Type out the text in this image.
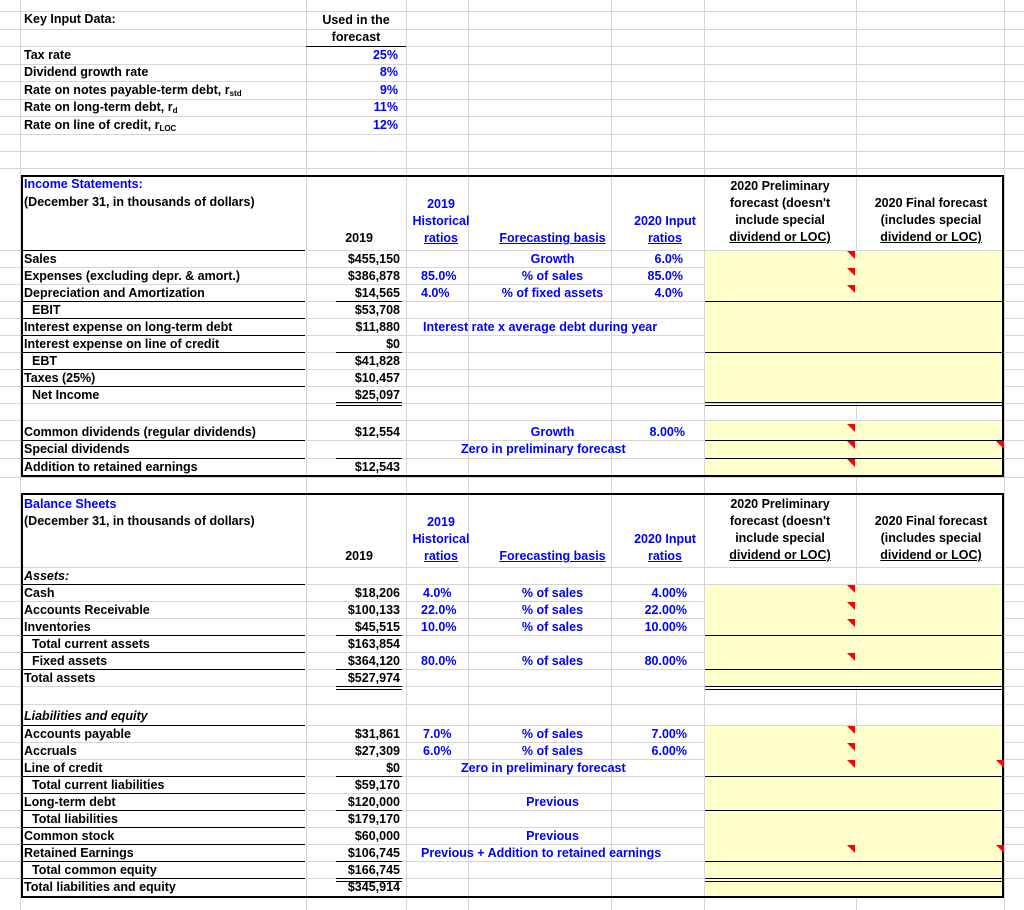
Key Input Data:	Used in the
forecast
Tax rate	25%
Dividend growth rate	8%
Rate on notes payable-term debt, $r_{std}$	9%
Rate on long-term debt, $r_d$	11%
Rate on line of credit, $r_{LOC}$	12%
Income Statements:
(December 31, in thousands of dollars)
2019
2019
Historical
ratios	Forecasting basis
2020 Input
ratios
2020 Preliminary
forecast (doesn't
include special
dividend or LOC)
2020 Final forecast
(includes special
dividend or LOC)
Sales	$455,150	Growth	6.0%
Expenses (excluding depr. & amort.)	$386,878 85.0%	% of sales	85.0%
Depreciation and Amortization	$14,565 4.0%	% of fixed assets	4.0%
EBIT	$53,708
Interest expense on long-term debt	$11,880 Interest rate x average debt during year
Interest expense on line of credit	$0
EBT	$41,828
Taxes (25%)	$10,457
Net Income	$25,097
Common dividends (regular dividends)	$12,554	Growth	8.00%
Special dividends	Zero in preliminary forecast
Addition to retained earnings	$12,543
Balance Sheets
(December 31, in thousands of dollars)
2019
2019
Historical
ratios	Forecasting basis
2020 Input
ratios
2020 Preliminary
forecast (doesn't
include special
dividend or LOC)
2020 Final forecast
(includes special
dividend or LOC)
Assets:
Cash	$18,206 4.0%	% of sales	4.00%
Accounts Receivable	$100,133 22.0%	% of sales	22.00%
Inventories	$45,515 10.0%	% of sales	10.00%
Total current assets	$163,854
Fixed assets	$364,120 80.0%	% of sales	80.00%
Total assets	$527,974
Liabilities and equity
Accounts payable	$31,861 7.0%	% of sales	7.00%
Accruals	$27,309 6.0%	% of sales	6.00%
Line of credit	$0	Zero in preliminary forecast
Total current liabilities	$59,170
Long-term debt	$120,000	Previous
Total liabilities	$179,170
Common stock	$60,000	Previous
Retained Earnings	$106,745 Previous + Addition to retained earnings
Total common equity	$166,745
Total liabilities and equity	$345,914
